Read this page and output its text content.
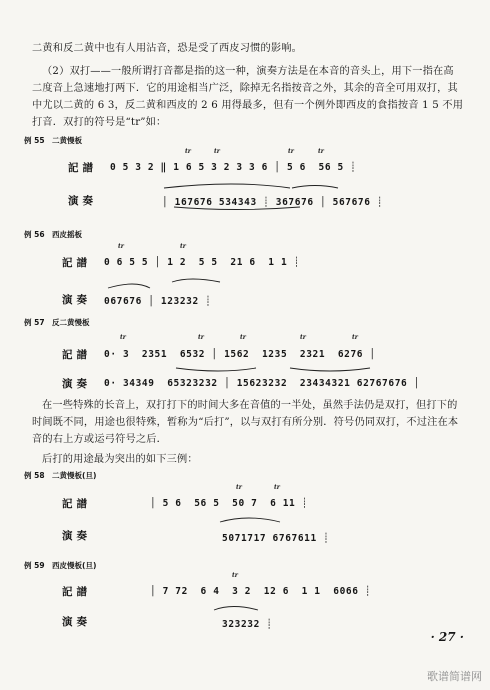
二黄和反二黄中也有人用沾音，恐是受了西皮习惯的影响。
（2）双打——一般所谓打音都是指的这一种，演奏方法是在本音的音头上，用下一指在高二度音上急速地打两下．它的用途相当广泛，除掉无名指按音之外，其余的音全可用双打，其中尤以二黄的 6 3，反二黄和西皮的 2 6 用得最多，但有一个例外即西皮的食指按音 1 5 不用打音．双打的符号是“tr”如：
例 55　二黄慢板
記譜 0 5 3 2 ‖ 1 6 5 3 2 3 3 6 │ 5 6  56 5 ┊
演奏	│ 167676 534343 ┊ 367676 │ 567676 ┊
tr	tr	tr	tr
例 56　西皮摇板
記譜 0 6 5 5 │ 1 2  5 5  21 6  1 1 ┊
演奏 067676 │ 123232 ┊
tr	tr
例 57　反二黄慢板
記譜 0· 3  2351  6532 │ 1562  1235  2321  6276 │
演奏 0· 34349  65323232 │ 15623232  23434321 62767676 │
tr	tr	tr	tr	tr
在一些特殊的长音上，双打打下的时间大多在音值的一半处，虽然手法仍是双打，但打下的时间既不同，用途也很特殊，暂称为“后打”，以与双打有所分别．符号仍同双打，不过注在本音的右上方或运弓符号之后．
后打的用途最为突出的如下三例：
例 58　二黄慢板(旦)
記譜	│ 5 6  56 5  50 7  6 11 ┊
演奏	5071717 6767611 ┊
tr	tr
例 59　西皮慢板(旦)
記譜	│ 7 72  6 4  3 2  12 6  1 1  6066 ┊
演奏	323232 ┊
tr
· 27 ·
歌谱简谱网
